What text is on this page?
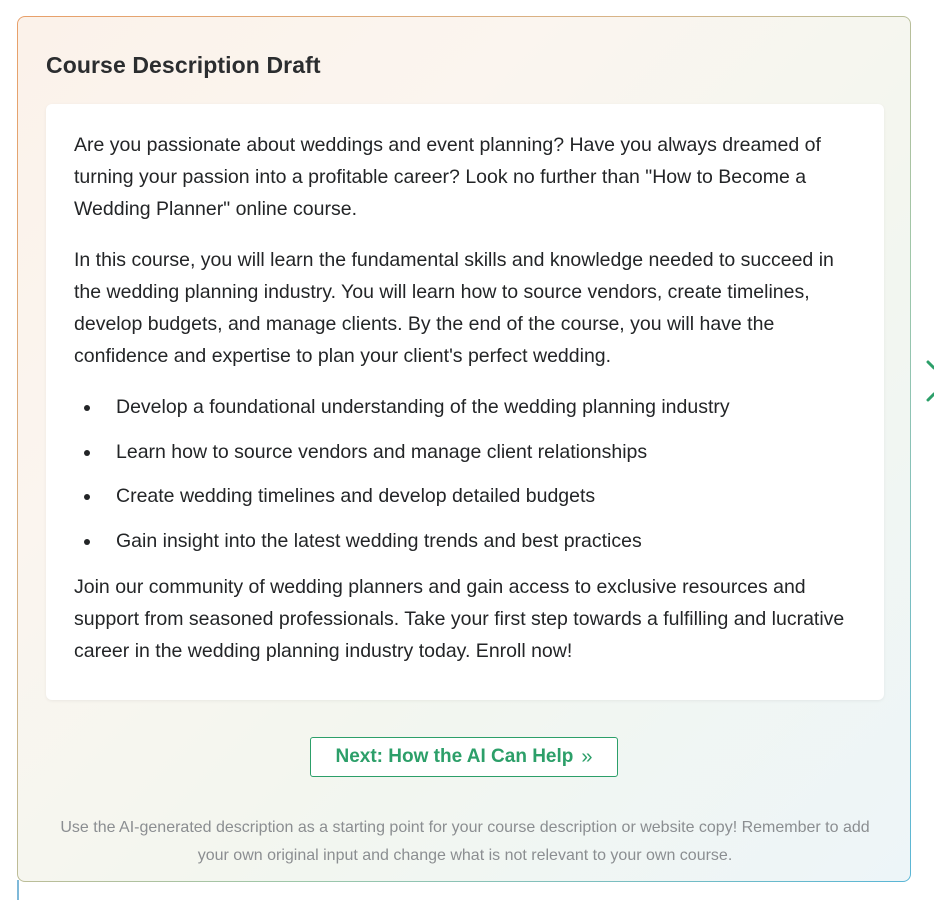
Course Description Draft

Are you passionate about weddings and event planning? Have you always dreamed of turning your passion into a profitable career? Look no further than "How to Become a Wedding Planner" online course.

In this course, you will learn the fundamental skills and knowledge needed to succeed in the wedding planning industry. You will learn how to source vendors, create timelines, develop budgets, and manage clients. By the end of the course, you will have the confidence and expertise to plan your client's perfect wedding.

Develop a foundational understanding of the wedding planning industry
Learn how to source vendors and manage client relationships
Create wedding timelines and develop detailed budgets
Gain insight into the latest wedding trends and best practices

Join our community of wedding planners and gain access to exclusive resources and support from seasoned professionals. Take your first step towards a fulfilling and lucrative career in the wedding planning industry today. Enroll now!

Next: How the AI Can Help »
Use the AI-generated description as a starting point for your course description or website copy! Remember to add your own original input and change what is not relevant to your own course.
